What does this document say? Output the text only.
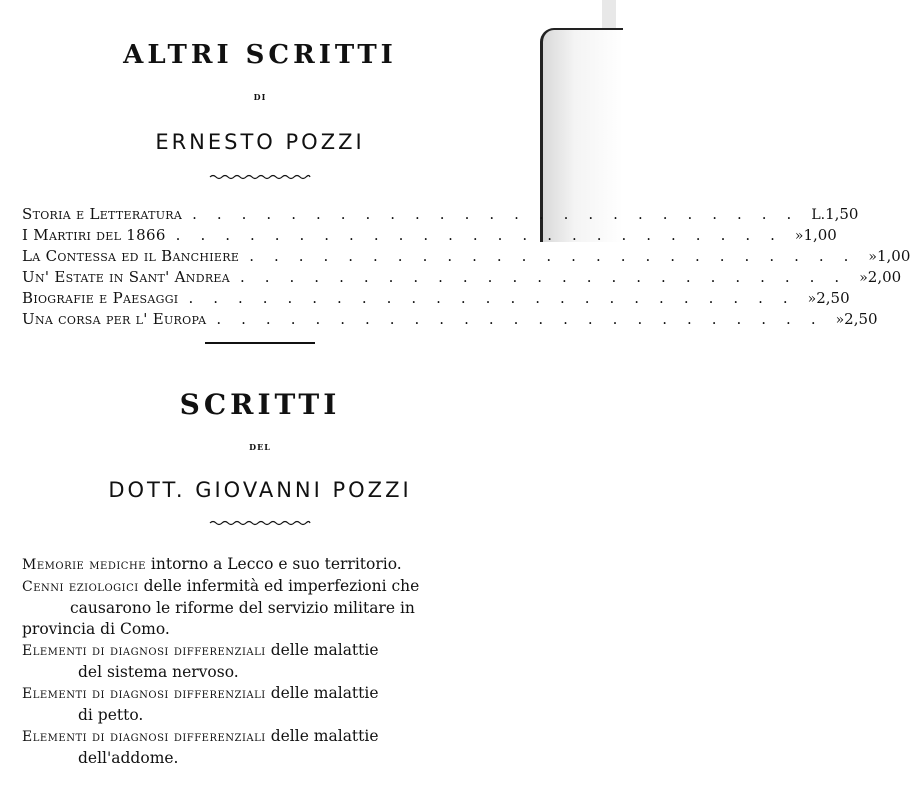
ALTRI SCRITTI
DI
ERNESTO POZZI
Storia e Letteratura ......................... L. 1,50
I Martiri del 1866 ......................... » 1,00
La Contessa ed il Banchiere ......................... » 1,00
Un' Estate in Sant' Andrea ......................... » 2,00
Biografie e Paesaggi ......................... » 2,50
Una corsa per l' Europa ......................... » 2,50
SCRITTI
DEL
DOTT. GIOVANNI POZZI
Memorie mediche intorno a Lecco e suo territorio.
Cenni eziologici delle infermità ed imperfezioni che
causarono le riforme del servizio militare in
provincia di Como.
Elementi di diagnosi differenziali delle malattie
del sistema nervoso.
Elementi di diagnosi differenziali delle malattie
di petto.
Elementi di diagnosi differenziali delle malattie
dell'addome.
